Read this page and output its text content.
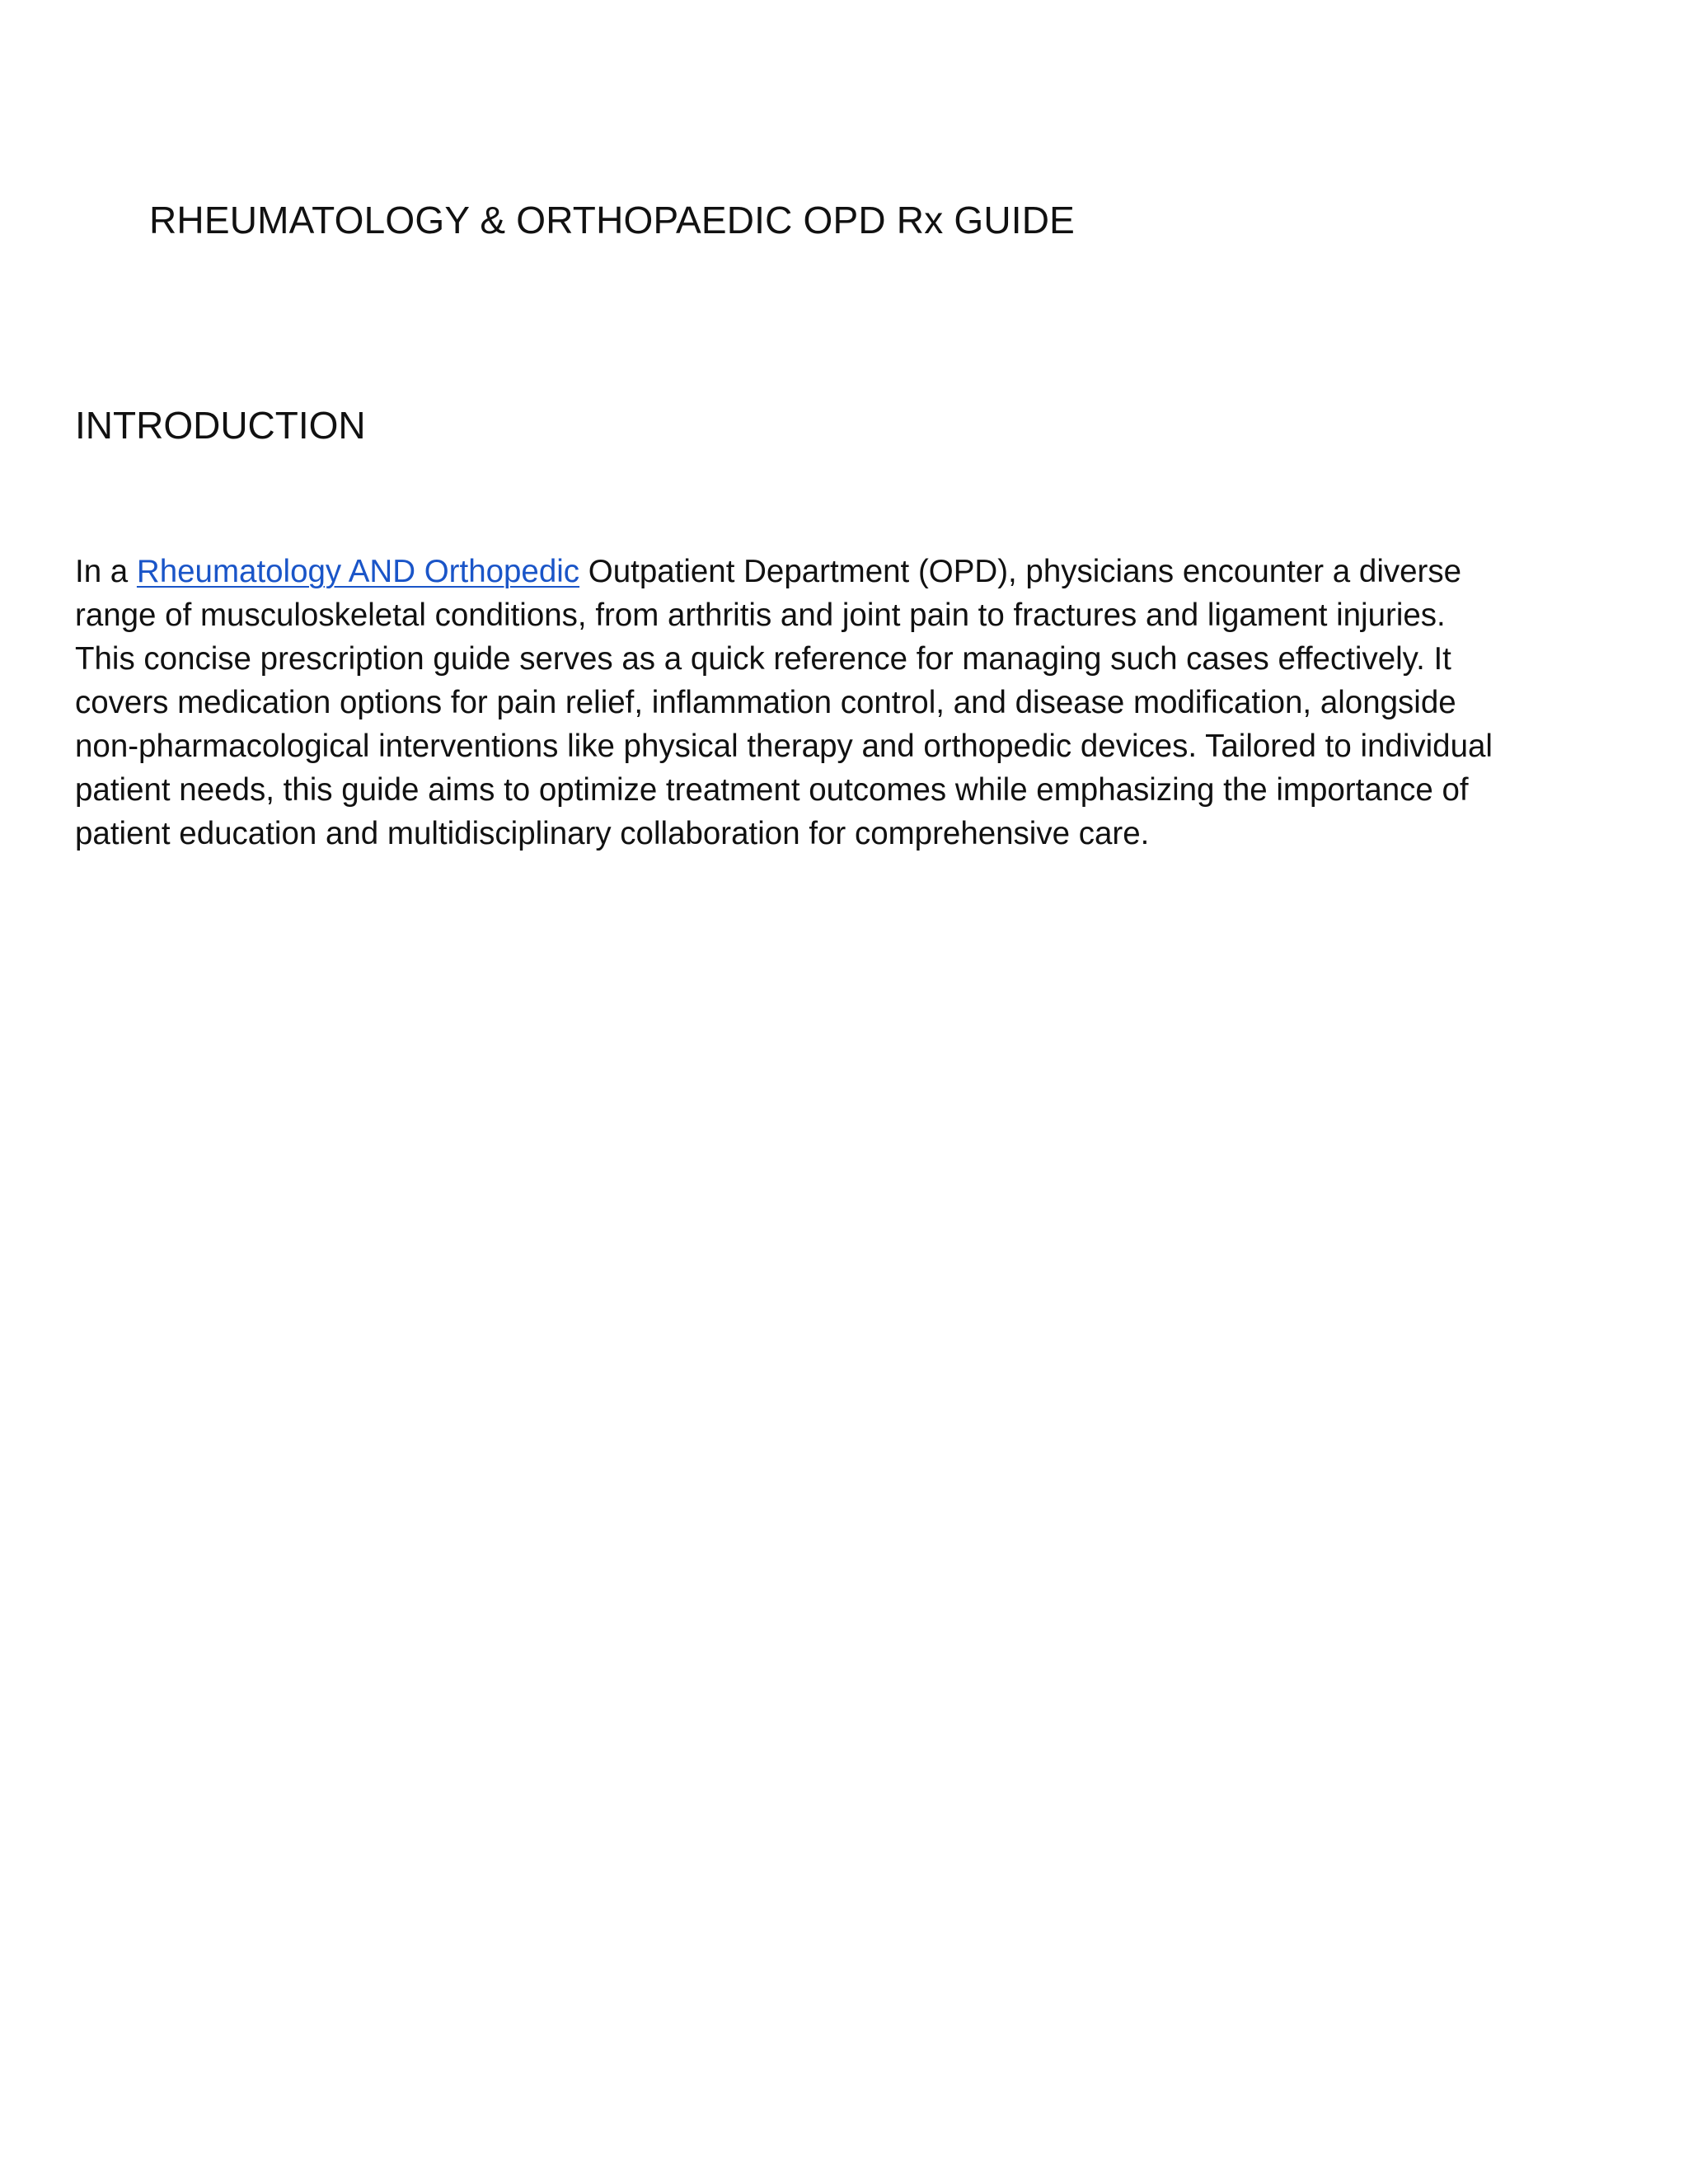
RHEUMATOLOGY & ORTHOPAEDIC OPD Rx GUIDE
INTRODUCTION

In a Rheumatology AND Orthopedic Outpatient Department (OPD), physicians encounter a diverse range of musculoskeletal conditions, from arthritis and joint pain to fractures and ligament injuries. This concise prescription guide serves as a quick reference for managing such cases effectively. It covers medication options for pain relief, inflammation control, and disease modification, alongside non-pharmacological interventions like physical therapy and orthopedic devices. Tailored to individual patient needs, this guide aims to optimize treatment outcomes while emphasizing the importance of patient education and multidisciplinary collaboration for comprehensive care.
